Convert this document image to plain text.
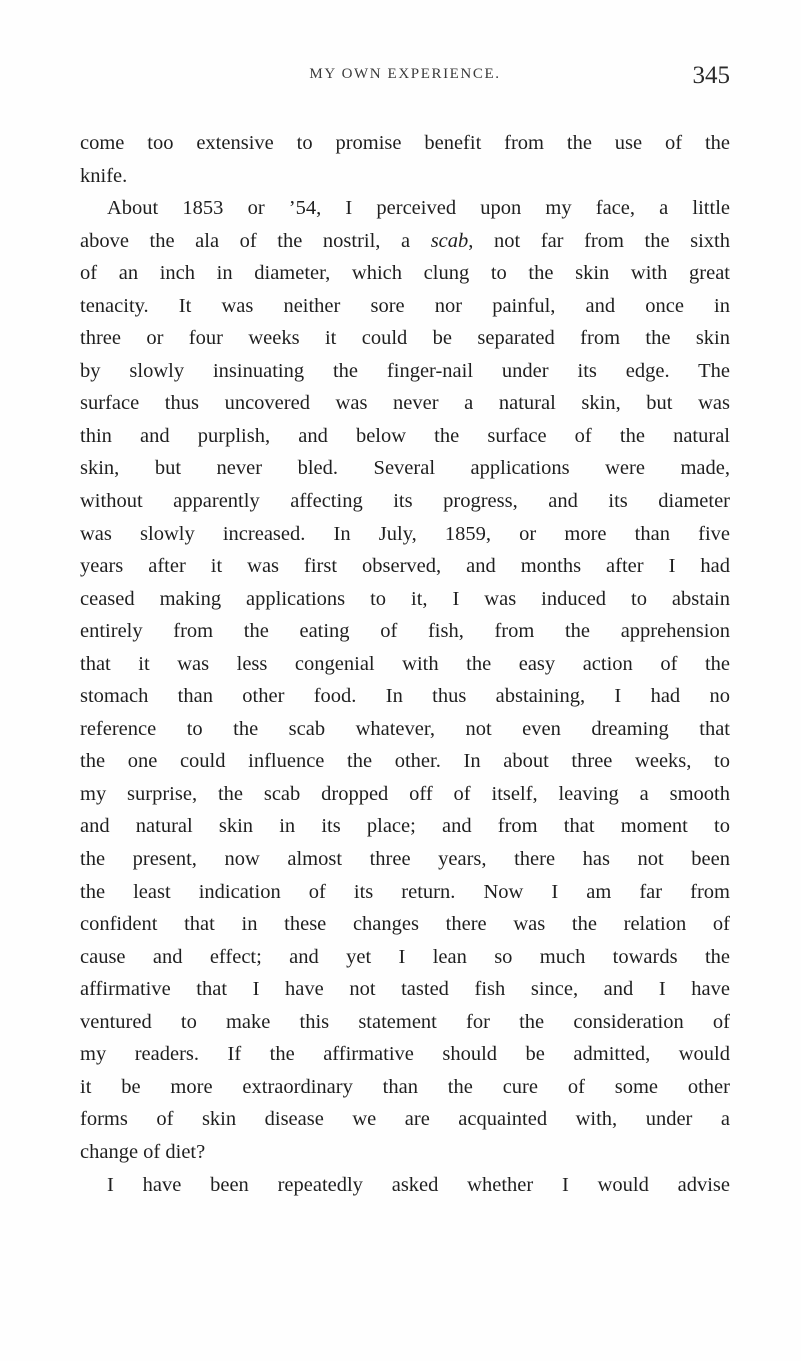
MY OWN EXPERIENCE.	345
come too extensive to promise benefit from the use of the
knife.
About 1853 or ’54, I perceived upon my face, a little
above the ala of the nostril, a scab, not far from the sixth
of an inch in diameter, which clung to the skin with great
tenacity. It was neither sore nor painful, and once in
three or four weeks it could be separated from the skin
by slowly insinuating the finger-nail under its edge. The
surface thus uncovered was never a natural skin, but was
thin and purplish, and below the surface of the natural
skin, but never bled. Several applications were made,
without apparently affecting its progress, and its diameter
was slowly increased. In July, 1859, or more than five
years after it was first observed, and months after I had
ceased making applications to it, I was induced to abstain
entirely from the eating of fish, from the apprehension
that it was less congenial with the easy action of the
stomach than other food. In thus abstaining, I had no
reference to the scab whatever, not even dreaming that
the one could influence the other. In about three weeks, to
my surprise, the scab dropped off of itself, leaving a smooth
and natural skin in its place; and from that moment to
the present, now almost three years, there has not been
the least indication of its return. Now I am far from
confident that in these changes there was the relation of
cause and effect; and yet I lean so much towards the
affirmative that I have not tasted fish since, and I have
ventured to make this statement for the consideration of
my readers. If the affirmative should be admitted, would
it be more extraordinary than the cure of some other
forms of skin disease we are acquainted with, under a
change of diet?
I have been repeatedly asked whether I would advise
